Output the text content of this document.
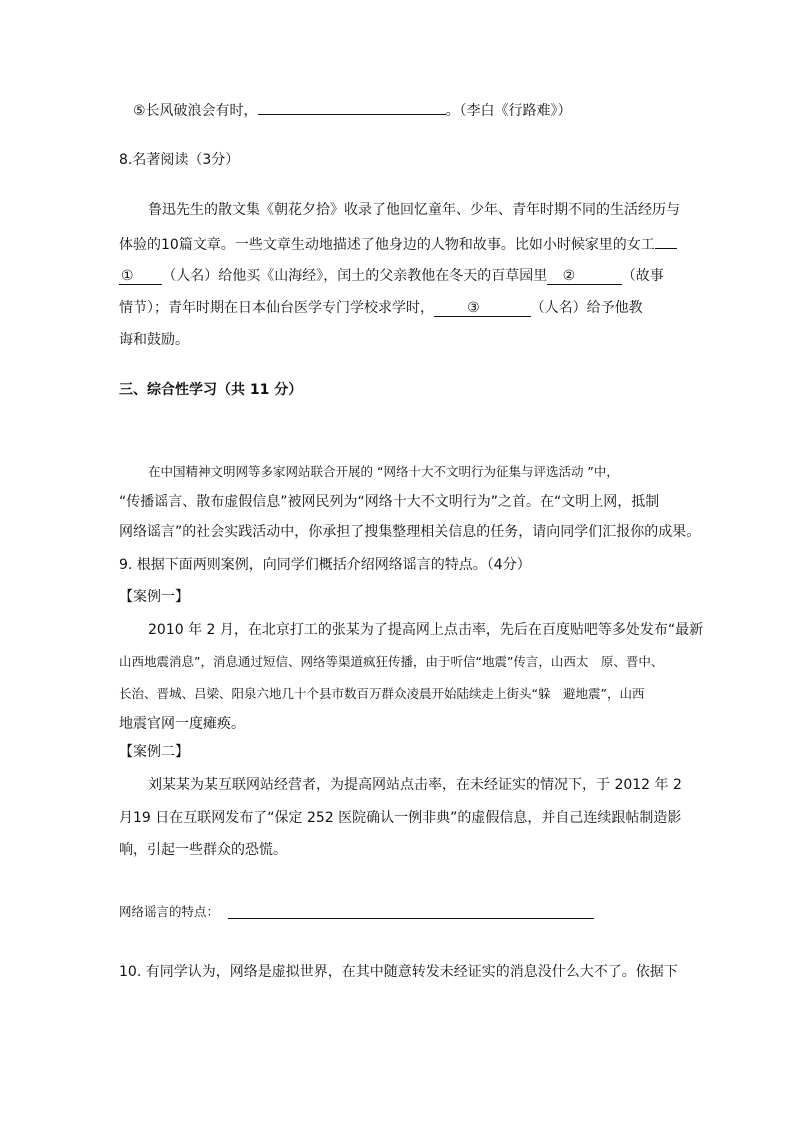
⑤长风破浪会有时，	。（李白《行路难》）
8.名著阅读（3分）
鲁迅先生的散文集《朝花夕拾》收录了他回忆童年、少年、青年时期不同的生活经历与
体验的10篇文章。一些文章生动地描述了他身边的人物和故事。比如小时候家里的女工
① （人名）给他买《山海经》，闰土的父亲教他在冬天的百草园里 ②	（故事
情节）；青年时期在日本仙台医学专门学校求学时， ③	（人名）给予他教
诲和鼓励。
三、综合性学习（共 11 分）
在中国精神文明网等多家网站联合开展的 “网络十大不文明行为征集与评选活动 ”中，
“传播谣言、散布虚假信息”被网民列为“网络十大不文明行为”之首。在“文明上网，抵制
网络谣言”的社会实践活动中，你承担了搜集整理相关信息的任务，请向同学们汇报你的成果。
9. 根据下面两则案例，向同学们概括介绍网络谣言的特点。（4分）
【案例一】
2010 年 2 月，在北京打工的张某为了提高网上点击率，先后在百度贴吧等多处发布“最新
山西地震消息”，消息通过短信、网络等渠道疯狂传播，由于听信“地震”传言，山西太　原、晋中、
长治、晋城、吕梁、阳泉六地几十个县市数百万群众凌晨开始陆续走上街头“躲　避地震”，山西
地震官网一度瘫痪。
【案例二】
刘某某为某互联网站经营者，为提高网站点击率，在未经证实的情况下，于 2012 年 2
月19 日在互联网发布了“保定 252 医院确认一例非典”的虚假信息，并自己连续跟帖制造影
响，引起一些群众的恐慌。
网络谣言的特点：
10. 有同学认为，网络是虚拟世界，在其中随意转发未经证实的消息没什么大不了。依据下
